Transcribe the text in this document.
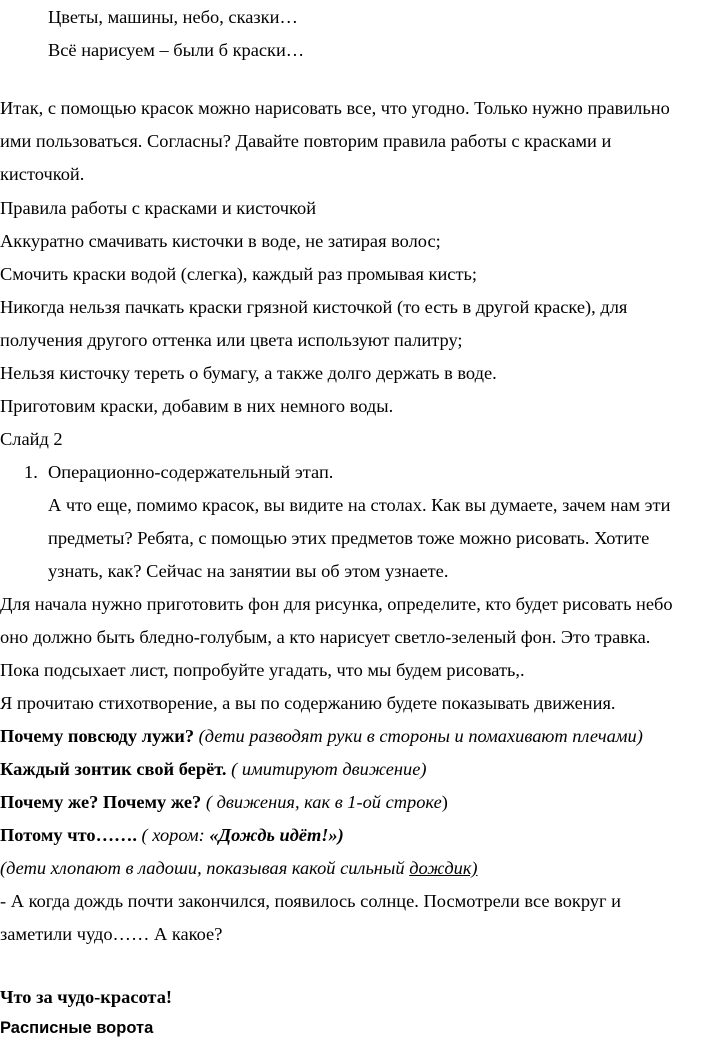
Цветы, машины, небо, сказки…
Всё нарисуем – были б краски…
Итак, с помощью красок можно нарисовать все, что угодно. Только нужно правильно
ими пользоваться. Согласны? Давайте повторим правила работы с красками и
кисточкой.
Правила работы с красками и кисточкой
Аккуратно смачивать кисточки в воде, не затирая волос;
Смочить краски водой (слегка), каждый раз промывая кисть;
Никогда нельзя пачкать краски грязной кисточкой (то есть в другой краске), для
получения другого оттенка или цвета используют палитру;
Нельзя кисточку тереть о бумагу, а также долго держать в воде.
Приготовим краски, добавим в них немного воды.
Слайд 2
1. Операционно-содержательный этап.
А что еще, помимо красок, вы видите на столах. Как вы думаете, зачем нам эти
предметы? Ребята, с помощью этих предметов тоже можно рисовать. Хотите
узнать, как? Сейчас на занятии вы об этом узнаете.
Для начала нужно приготовить фон для рисунка, определите, кто будет рисовать небо
оно должно быть бледно-голубым, а кто нарисует светло-зеленый фон. Это травка.
Пока подсыхает лист, попробуйте угадать, что мы будем рисовать,.
Я прочитаю стихотворение, а вы по содержанию будете показывать движения.
Почему повсюду лужи? (дети разводят руки в стороны и помахивают плечами)
Каждый зонтик свой берёт. ( имитируют движение)
Почему же? Почему же? ( движения, как в 1-ой строке)
Потому что……. ( хором: «Дождь идёт!»)
(дети хлопают в ладоши, показывая какой сильный дождик)
- А когда дождь почти закончился, появилось солнце. Посмотрели все вокруг и
заметили чудо…… А какое?
Что за чудо-красота!
Расписные ворота
